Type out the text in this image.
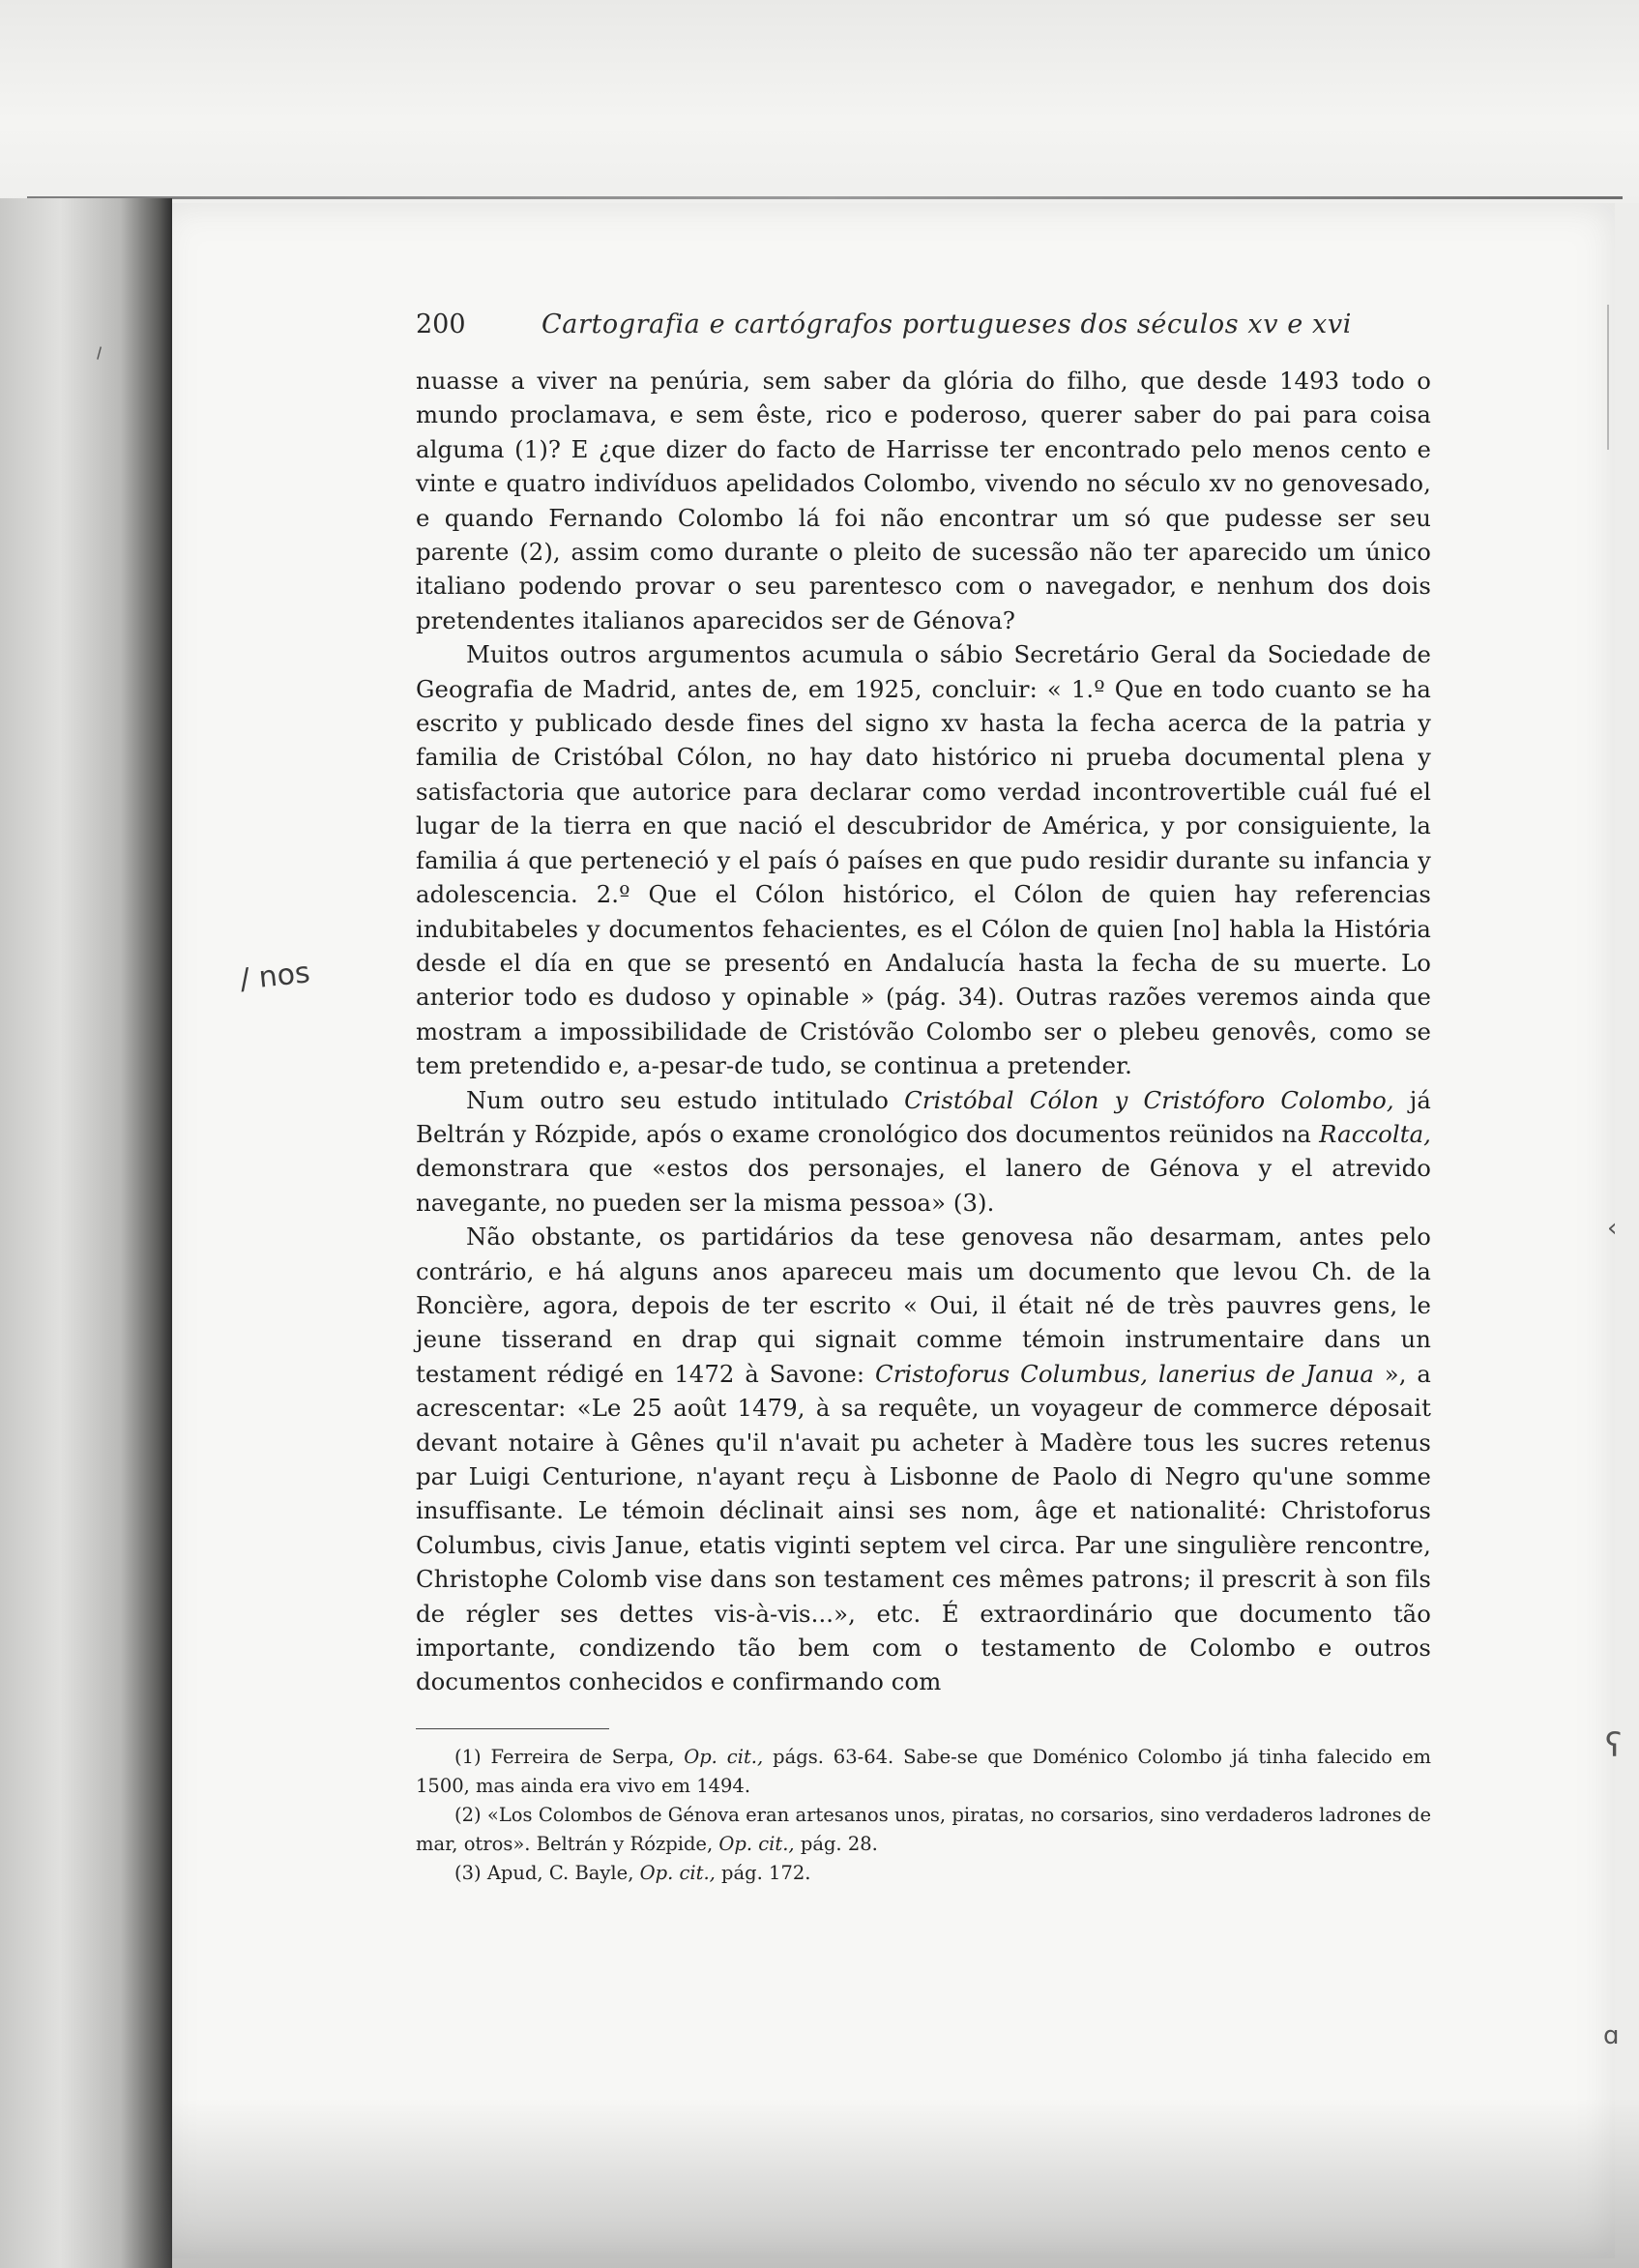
⸝
‹
ʕ
ɑ
/ nos
200	Cartografia e cartógrafos portugueses dos séculos xv e xvi

nuasse a viver na penúria, sem saber da glória do filho, que desde 1493 todo o mundo proclamava, e sem êste, rico e poderoso, querer saber do pai para coisa alguma (1)? E ¿que dizer do facto de Harrisse ter encontrado pelo menos cento e vinte e quatro indivíduos apelidados Colombo, vivendo no século xv no genovesado, e quando Fernando Colombo lá foi não encontrar um só que pudesse ser seu parente (2), assim como durante o pleito de sucessão não ter aparecido um único italiano podendo provar o seu parentesco com o navegador, e nenhum dos dois pretendentes italianos aparecidos ser de Génova?

Muitos outros argumentos acumula o sábio Secretário Geral da Sociedade de Geografia de Madrid, antes de, em 1925, concluir: « 1.º Que en todo cuanto se ha escrito y publicado desde fines del signo xv hasta la fecha acerca de la patria y familia de Cristóbal Cólon, no hay dato histórico ni prueba documental plena y satisfactoria que autorice para declarar como verdad incontrovertible cuál fué el lugar de la tierra en que nació el descubridor de América, y por consiguiente, la familia á que perteneció y el país ó países en que pudo residir durante su infancia y adolescencia. 2.º Que el Cólon histórico, el Cólon de quien hay referencias indubitabeles y documentos fehacientes, es el Cólon de quien [no] habla la História desde el día en que se presentó en Andalucía hasta la fecha de su muerte. Lo anterior todo es dudoso y opinable » (pág. 34). Outras razões veremos ainda que mostram a impossibilidade de Cristóvão Colombo ser o plebeu genovês, como se tem pretendido e, a-pesar-de tudo, se continua a pretender.

Num outro seu estudo intitulado Cristóbal Cólon y Cristóforo Colombo, já Beltrán y Rózpide, após o exame cronológico dos documentos reünidos na Raccolta, demonstrara que «estos dos personajes, el lanero de Génova y el atrevido navegante, no pueden ser la misma pessoa» (3).

Não obstante, os partidários da tese genovesa não desarmam, antes pelo contrário, e há alguns anos apareceu mais um documento que levou Ch. de la Roncière, agora, depois de ter escrito « Oui, il était né de très pauvres gens, le jeune tisserand en drap qui signait comme témoin instrumentaire dans un testament rédigé en 1472 à Savone: Cristoforus Columbus, lanerius de Janua », a acrescentar: «Le 25 août 1479, à sa requête, un voyageur de commerce déposait devant notaire à Gênes qu'il n'avait pu acheter à Madère tous les sucres retenus par Luigi Centurione, n'ayant reçu à Lisbonne de Paolo di Negro qu'une somme insuffisante. Le témoin déclinait ainsi ses nom, âge et nationalité: Christoforus Columbus, civis Janue, etatis viginti septem vel circa. Par une singulière rencontre, Christophe Colomb vise dans son testament ces mêmes patrons; il prescrit à son fils de régler ses dettes vis-à-vis...», etc. É extraordinário que documento tão importante, condizendo tão bem com o testamento de Colombo e outros documentos conhecidos e confirmando com

(1) Ferreira de Serpa, Op. cit., págs. 63-64. Sabe-se que Doménico Colombo já tinha falecido em 1500, mas ainda era vivo em 1494.

(2) «Los Colombos de Génova eran artesanos unos, piratas, no corsarios, sino verdaderos ladrones de mar, otros». Beltrán y Rózpide, Op. cit., pág. 28.

(3) Apud, C. Bayle, Op. cit., pág. 172.
